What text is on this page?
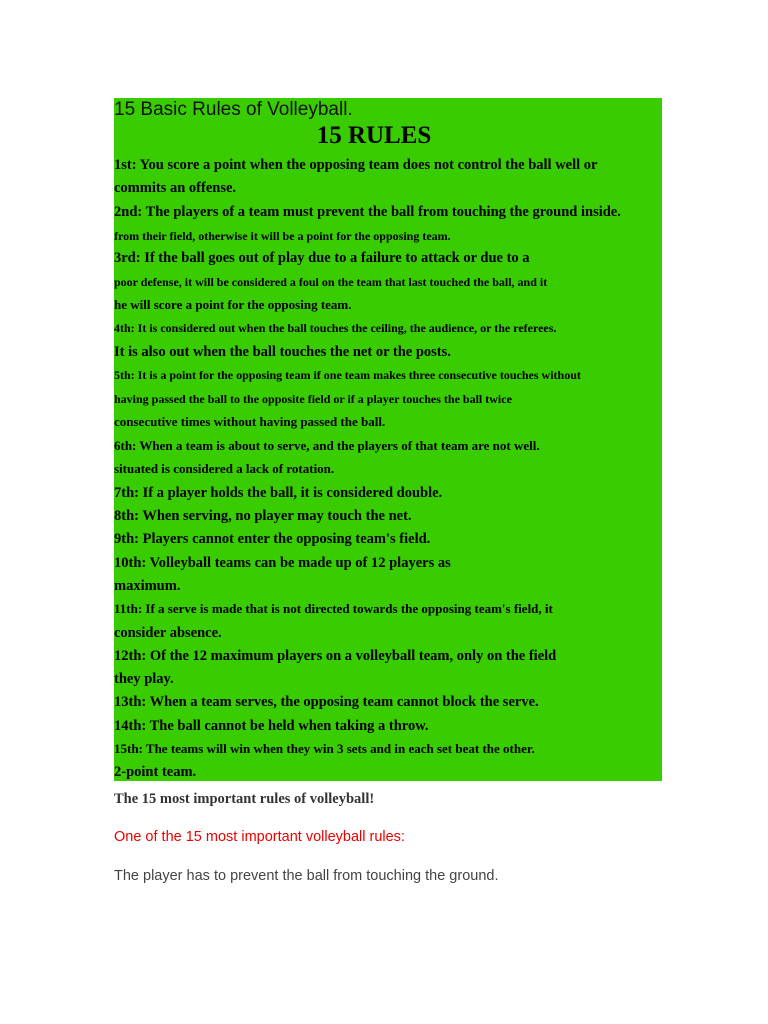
15 Basic Rules of Volleyball.
15 RULES
1st: You score a point when the opposing team does not control the ball well or
commits an offense.
2nd: The players of a team must prevent the ball from touching the ground inside.
from their field, otherwise it will be a point for the opposing team.
3rd: If the ball goes out of play due to a failure to attack or due to a
poor defense, it will be considered a foul on the team that last touched the ball, and it
he will score a point for the opposing team.
4th: It is considered out when the ball touches the ceiling, the audience, or the referees.
It is also out when the ball touches the net or the posts.
5th: It is a point for the opposing team if one team makes three consecutive touches without
having passed the ball to the opposite field or if a player touches the ball twice
consecutive times without having passed the ball.
6th: When a team is about to serve, and the players of that team are not well.
situated is considered a lack of rotation.
7th: If a player holds the ball, it is considered double.
8th: When serving, no player may touch the net.
9th: Players cannot enter the opposing team's field.
10th: Volleyball teams can be made up of 12 players as
maximum.
11th: If a serve is made that is not directed towards the opposing team's field, it
consider absence.
12th: Of the 12 maximum players on a volleyball team, only on the field
they play.
13th: When a team serves, the opposing team cannot block the serve.
14th: The ball cannot be held when taking a throw.
15th: The teams will win when they win 3 sets and in each set beat the other.
2-point team.
The 15 most important rules of volleyball!
One of the 15 most important volleyball rules:
The player has to prevent the ball from touching the ground.
